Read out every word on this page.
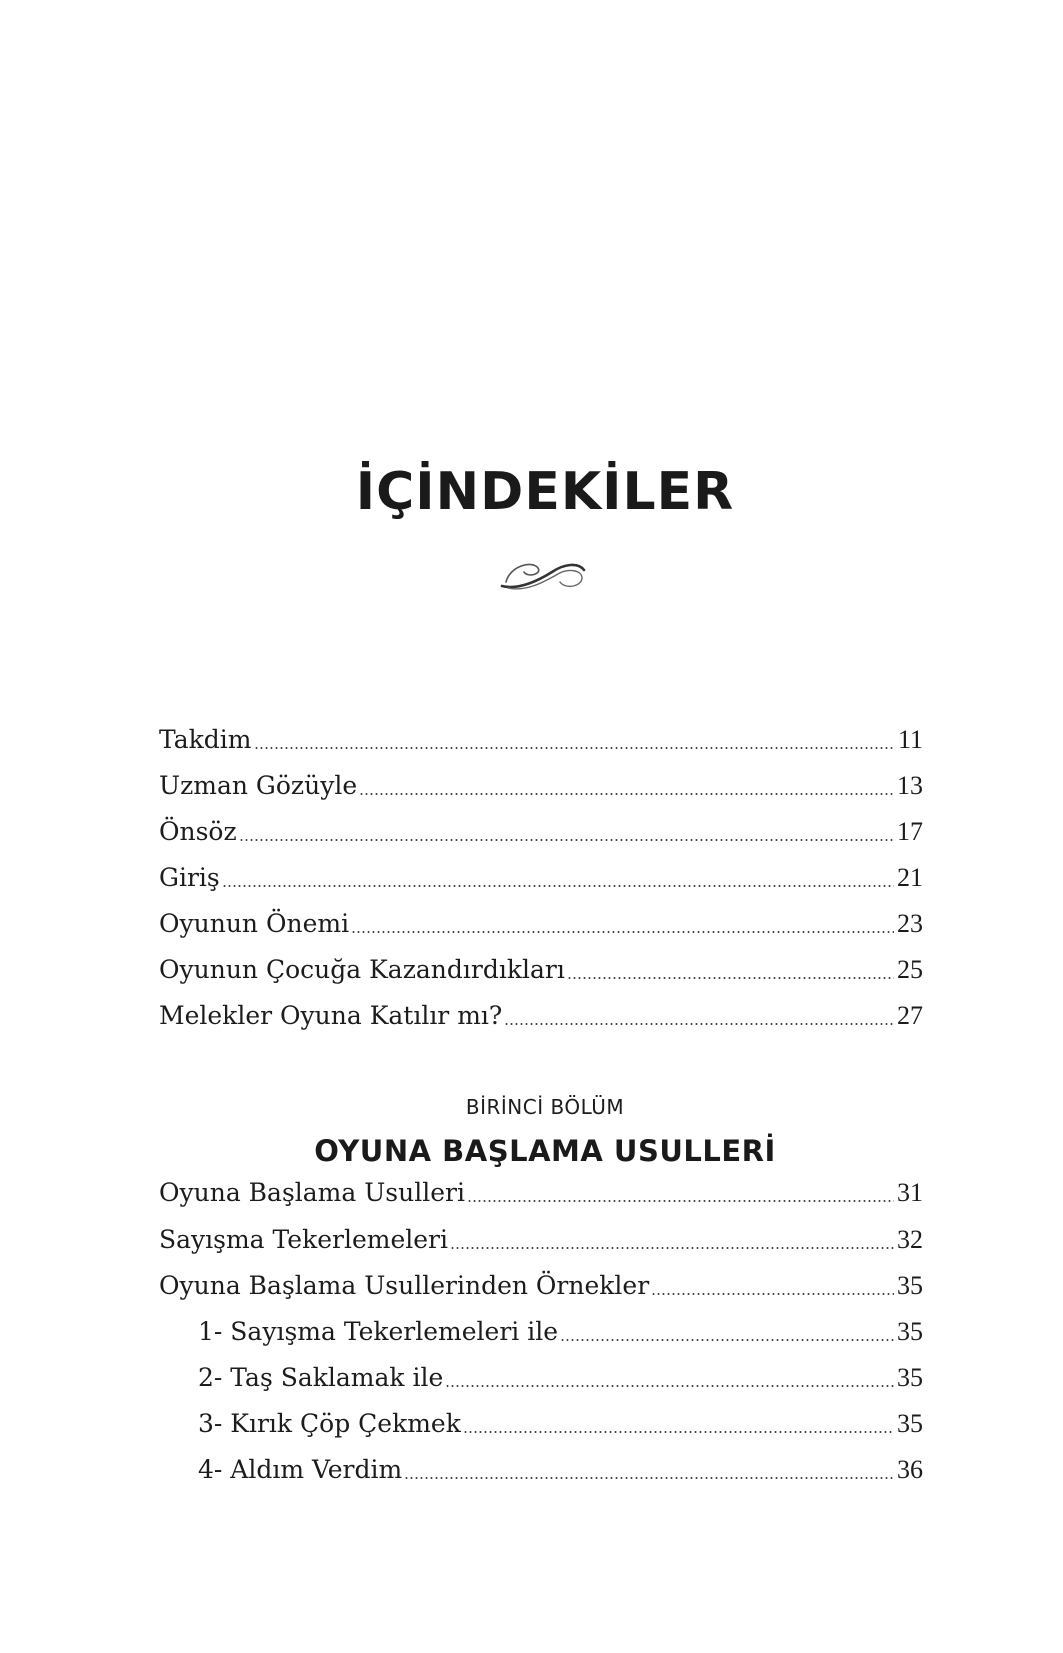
İÇİNDEKİLER
Takdim	11
Uzman Gözüyle	13
Önsöz	17
Giriş	21
Oyunun Önemi	23
Oyunun Çocuğa Kazandırdıkları	25
Melekler Oyuna Katılır mı?	27
BİRİNCİ BÖLÜM
OYUNA BAŞLAMA USULLERİ
Oyuna Başlama Usulleri	31
Sayışma Tekerlemeleri	32
Oyuna Başlama Usullerinden Örnekler	35
1- Sayışma Tekerlemeleri ile	35
2- Taş Saklamak ile	35
3- Kırık Çöp Çekmek	35
4- Aldım Verdim	36
